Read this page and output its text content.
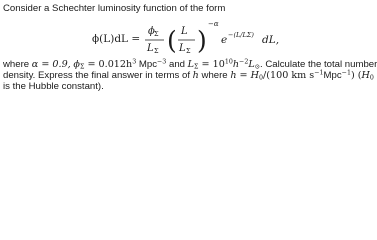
Consider a Schechter luminosity function of the form
ϕ(L)dL =
ϕ Σ
L Σ ( L
L Σ )
−α
e −(L/LΣ) dL,
where α = 0.9, $\phi_\Sigma = 0.012h^3$ Mpc$^{-3}$ and $L_\Sigma = 10^{10}h^{-2}L_⊙$. Calculate the total number
density. Express the final answer in terms of h where $h = H_0/(100$ km $s^{-1}Mpc^{-1}$) ($H_0$
is the Hubble constant).
